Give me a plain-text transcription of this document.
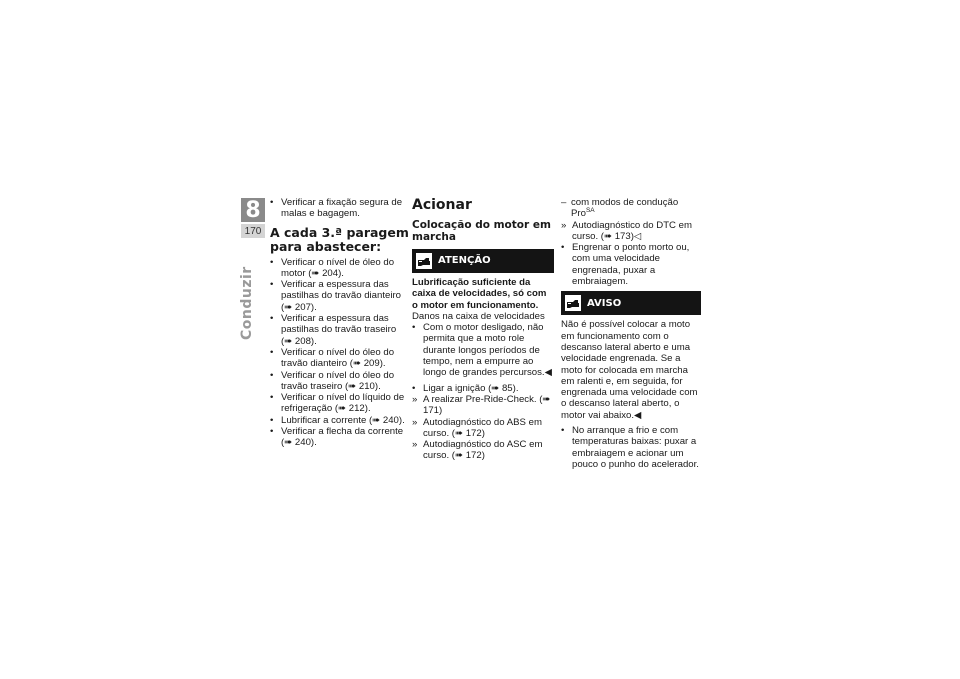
8
170
Conduzir
• Verificar a fixação segura de malas e bagagem.
A cada 3.ª paragem para abastecer:
• Verificar o nível de óleo do motor (➠ 204).
• Verificar a espessura das pastilhas do travão dianteiro (➠ 207).
• Verificar a espessura das pastilhas do travão traseiro (➠ 208).
• Verificar o nível do óleo do travão dianteiro (➠ 209).
• Verificar o nível do óleo do travão traseiro (➠ 210).
• Verificar o nível do líquido de refrigeração (➠ 212).
• Lubrificar a corrente (➠ 240).
• Verificar a flecha da corrente (➠ 240).
Acionar
Colocação do motor em marcha
ATENÇÃO
Lubrificação suficiente da caixa de velocidades, só com o motor em funcionamento.
Danos na caixa de velocidades
• Com o motor desligado, não permita que a moto role durante longos períodos de tempo, nem a empurre ao longo de grandes percursos.◀
• Ligar a ignição (➠ 85).
» A realizar Pre-Ride-Check. (➠ 171)
» Autodiagnóstico do ABS em curso. (➠ 172)
» Autodiagnóstico do ASC em curso. (➠ 172)
– com modos de condução Pro$^{SA}$
» Autodiagnóstico do DTC em curso. (➠ 173)◁
• Engrenar o ponto morto ou, com uma velocidade engrenada, puxar a embraiagem.
AVISO
Não é possível colocar a moto em funcionamento com o descanso lateral aberto e uma velocidade engrenada. Se a moto for colocada em marcha em ralenti e, em seguida, for engrenada uma velocidade com o descanso lateral aberto, o motor vai abaixo.◀
• No arranque a frio e com temperaturas baixas: puxar a embraiagem e acionar um pouco o punho do acelerador.
